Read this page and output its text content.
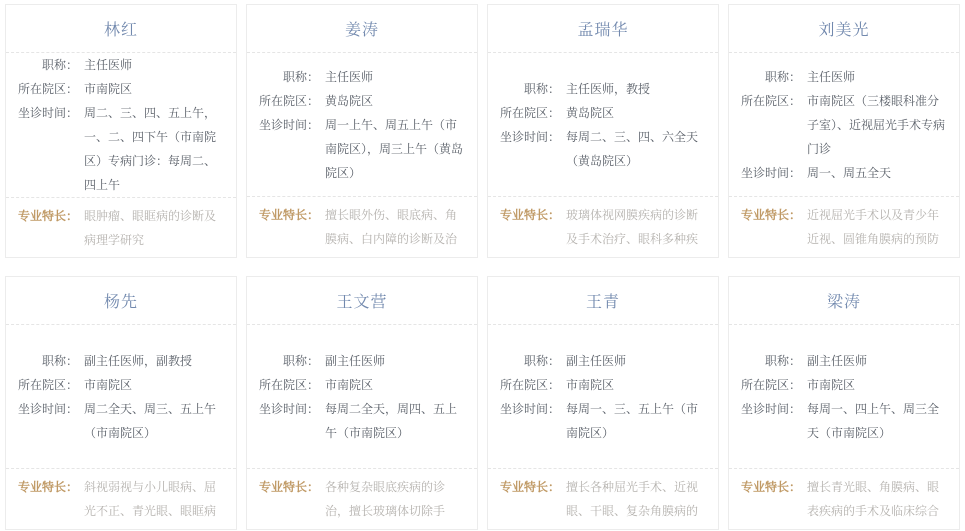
林红
职称： 主任医师
所在院区： 市南院区
坐诊时间： 周二、三、四、五上午，一、二、四下午（市南院区）专病门诊：每周二、四上午
专业特长： 眼肿瘤、眼眶病的诊断及病理学研究
姜涛
职称： 主任医师
所在院区： 黄岛院区
坐诊时间： 周一上午、周五上午（市南院区），周三上午（黄岛院区）
专业特长： 擅长眼外伤、眼底病、角膜病、白内障的诊断及治
孟瑞华
职称： 主任医师，教授
所在院区： 黄岛院区
坐诊时间： 每周二、三、四、六全天（黄岛院区）
专业特长： 玻璃体视网膜疾病的诊断及手术治疗、眼科多种疾
刘美光
职称： 主任医师
所在院区： 市南院区（三楼眼科准分子室）、近视屈光手术专病门诊
坐诊时间： 周一、周五全天
专业特长： 近视屈光手术以及青少年近视、圆锥角膜病的预防
杨先
职称： 副主任医师，副教授
所在院区： 市南院区
坐诊时间： 周二全天、周三、五上午（市南院区）
专业特长： 斜视弱视与小儿眼病、屈光不正、青光眼、眼眶病
王文营
职称： 副主任医师
所在院区： 市南院区
坐诊时间： 每周二全天，周四、五上午（市南院区）
专业特长： 各种复杂眼底疾病的诊治，擅长玻璃体切除手
王青
职称： 副主任医师
所在院区： 市南院区
坐诊时间： 每周一、三、五上午（市南院区）
专业特长： 擅长各种屈光手术、近视眼、干眼、复杂角膜病的
梁涛
职称： 副主任医师
所在院区： 市南院区
坐诊时间： 每周一、四上午、周三全天（市南院区）
专业特长： 擅长青光眼、角膜病、眼表疾病的手术及临床综合
